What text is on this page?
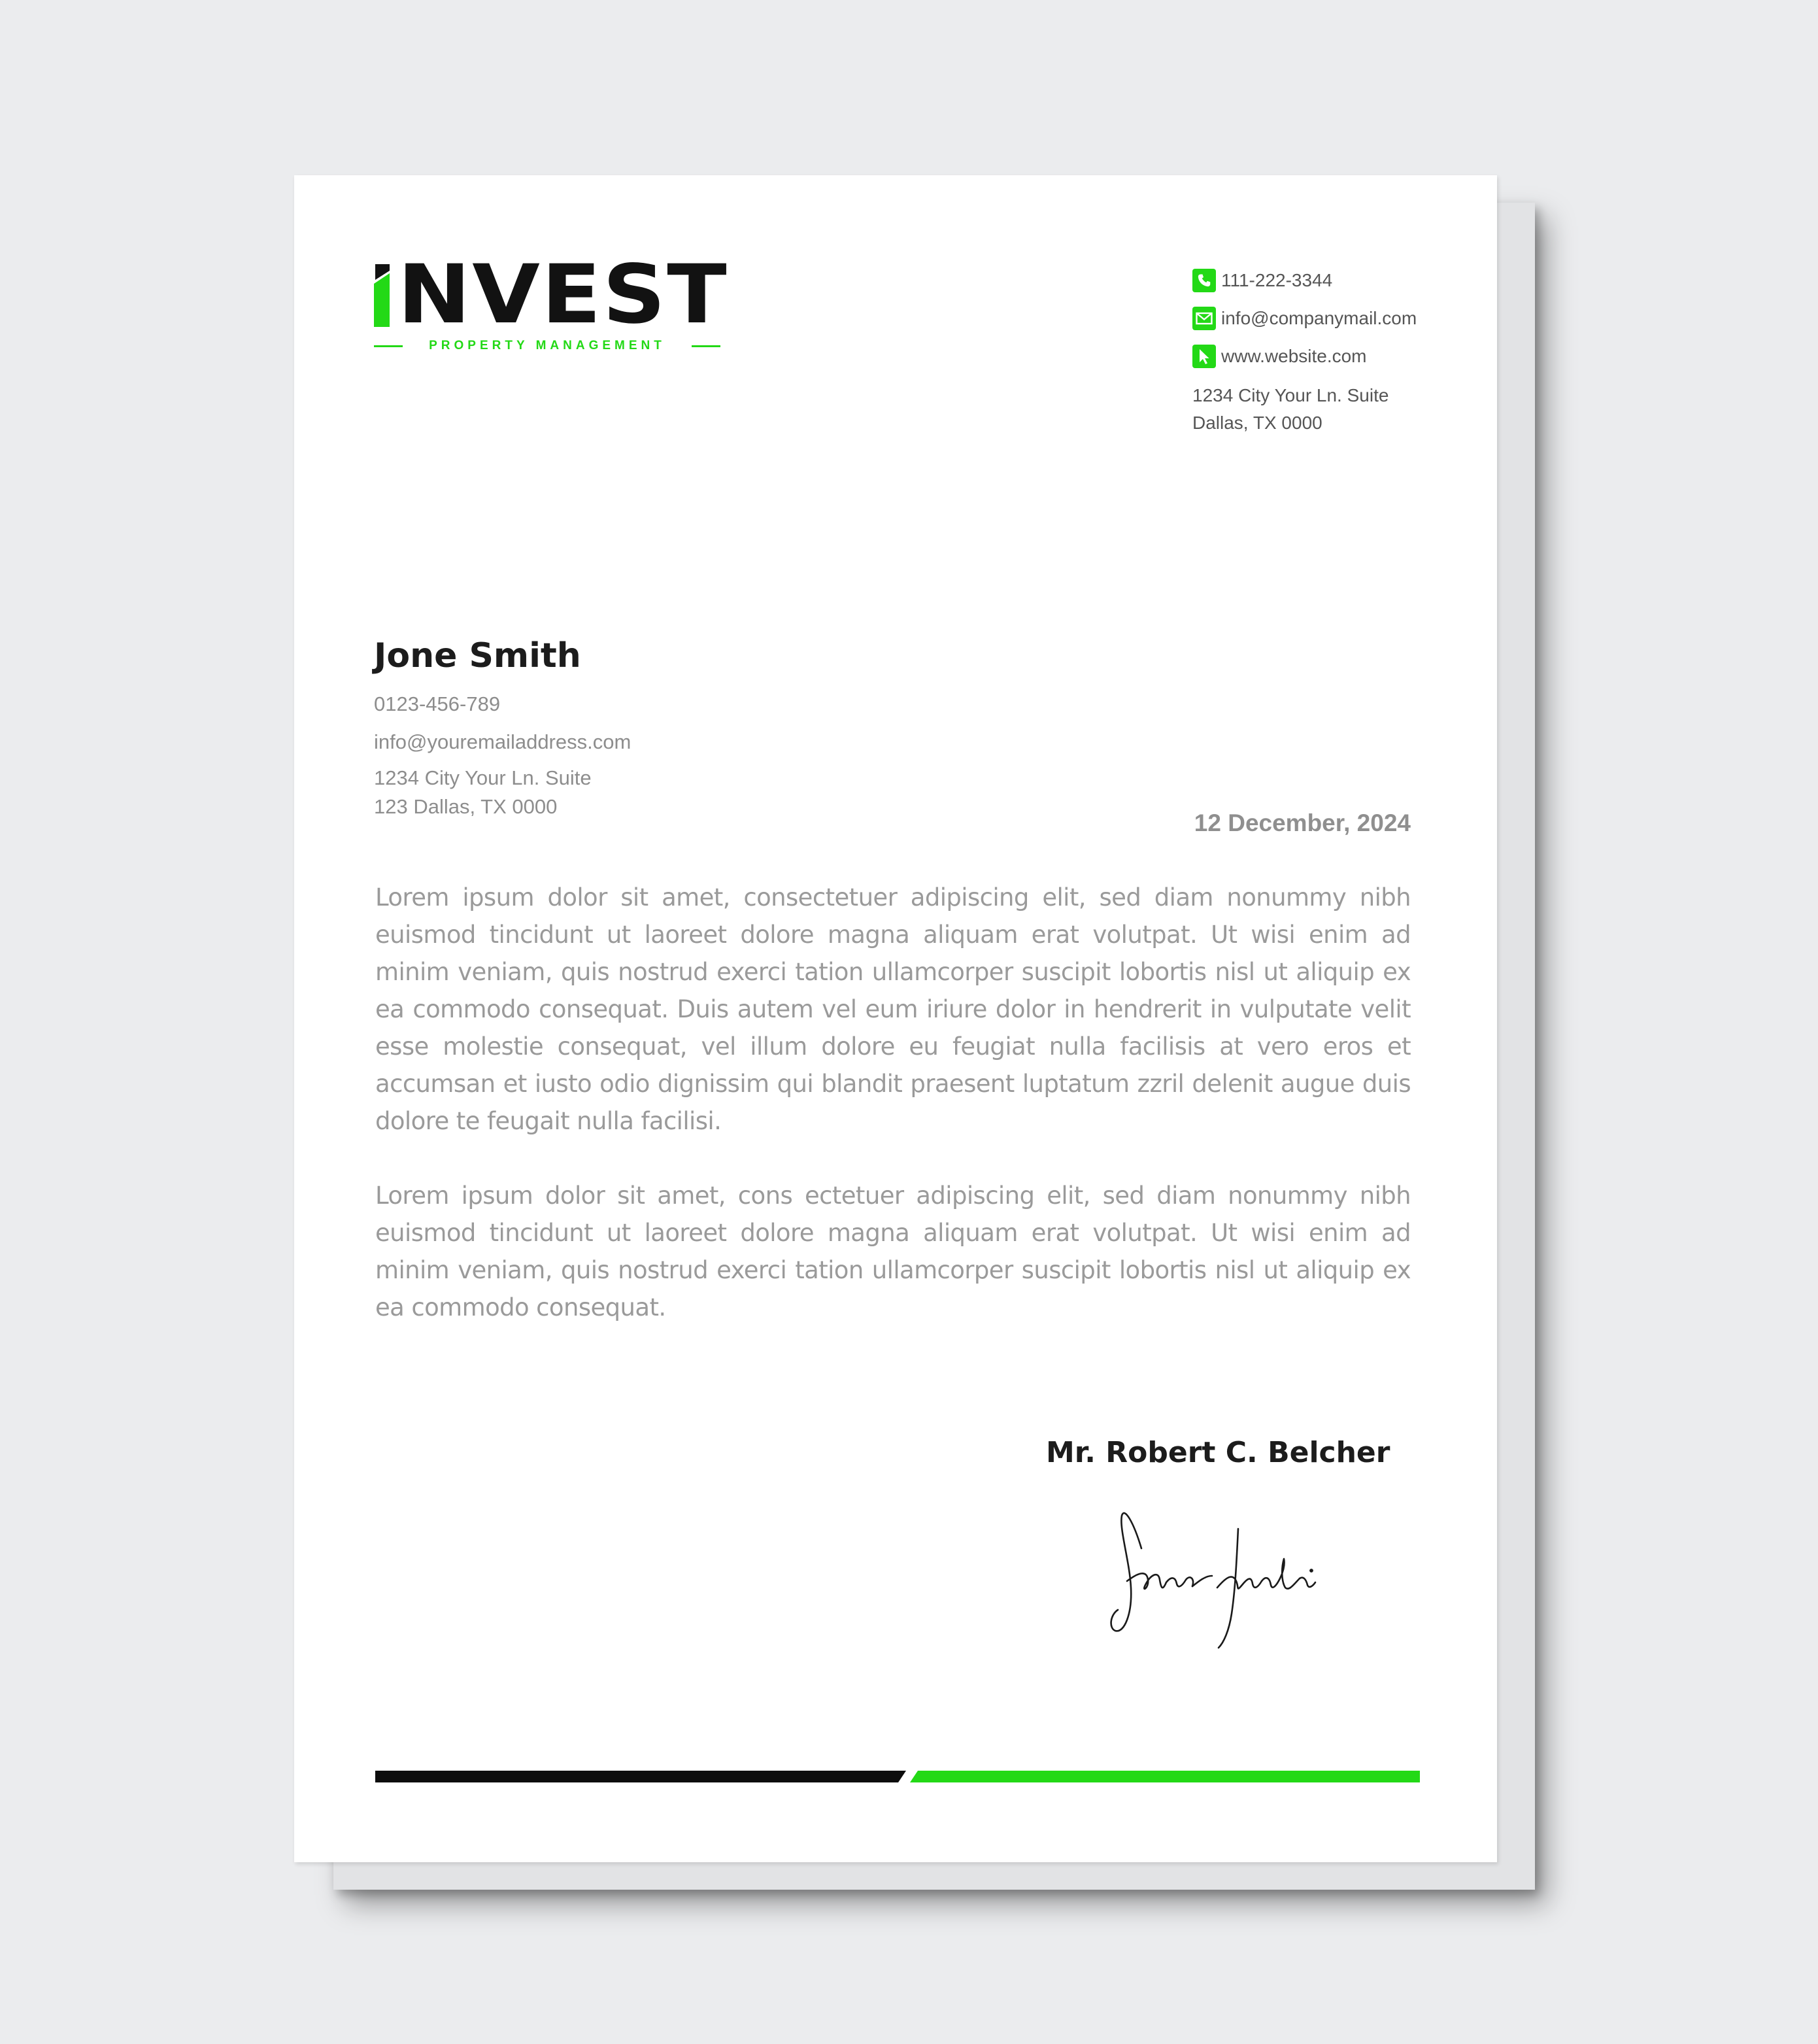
NVEST
PROPERTY MANAGEMENT
111-222-3344
info@companymail.com
www.website.com
1234 City Your Ln. Suite
Dallas, TX 0000
Jone Smith
0123-456-789
info@youremailaddress.com
1234 City Your Ln. Suite
123 Dallas, TX 0000
12 December, 2024

Lorem ipsum dolor sit amet, consectetuer adipiscing elit, sed diam nonummy nibh euismod tincidunt ut laoreet dolore magna aliquam erat volutpat. Ut wisi enim ad minim veniam, quis nostrud exerci tation ullamcorper suscipit lobortis nisl ut aliquip ex ea commodo consequat. Duis autem vel eum iriure dolor in hendrerit in vulputate velit esse molestie consequat, vel illum dolore eu feugiat nulla facilisis at vero eros et accumsan et iusto odio dignissim qui blandit praesent luptatum zzril delenit augue duis dolore te feugait nulla facilisi.

Lorem ipsum dolor sit amet, cons ectetuer adipiscing elit, sed diam nonummy nibh euismod tincidunt ut laoreet dolore magna aliquam erat volutpat. Ut wisi enim ad minim veniam, quis nostrud exerci tation ullamcorper suscipit lobortis nisl ut aliquip ex ea commodo consequat.

Mr. Robert C. Belcher
